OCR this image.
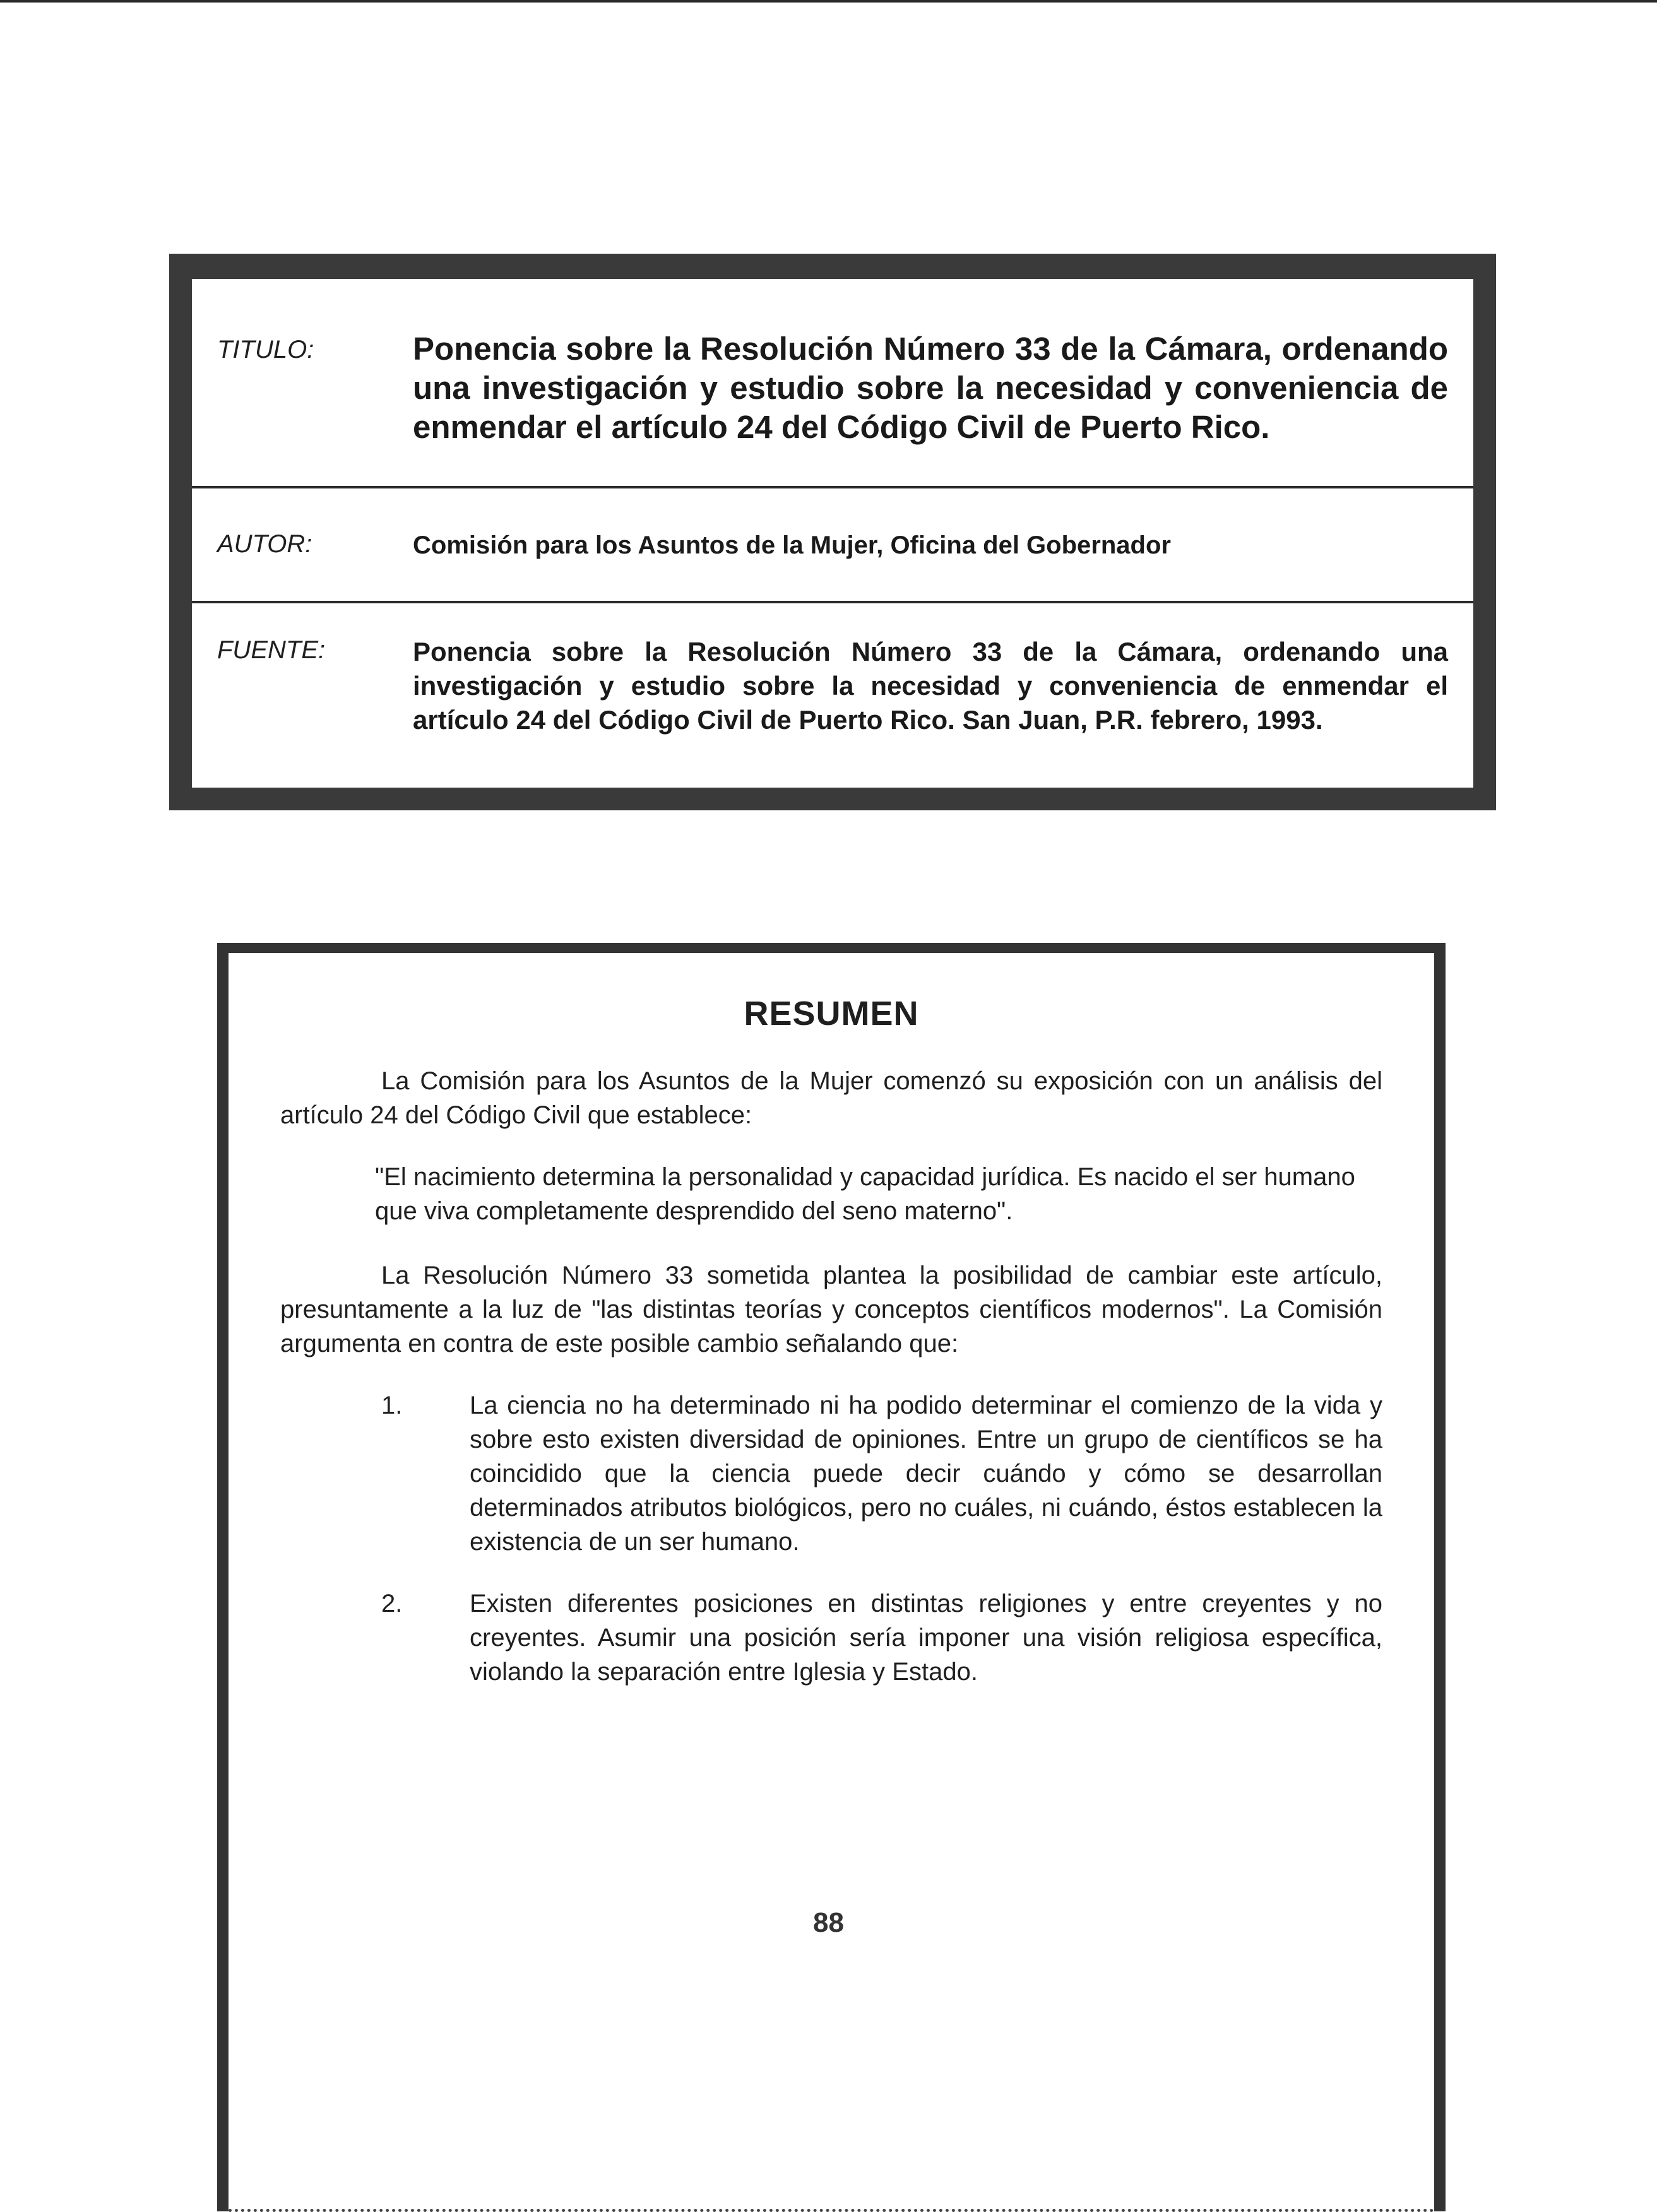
TITULO:	Ponencia sobre la Resolución Número 33 de la Cámara, ordenando una investigación y estudio sobre la necesidad y conveniencia de enmendar el artículo 24 del Código Civil de Puerto Rico.
AUTOR:	Comisión para los Asuntos de la Mujer, Oficina del Gobernador
FUENTE:	Ponencia sobre la Resolución Número 33 de la Cámara, ordenando una investigación y estudio sobre la necesidad y conveniencia de enmendar el artículo 24 del Código Civil de Puerto Rico. San Juan, P.R. febrero, 1993.
RESUMEN

La Comisión para los Asuntos de la Mujer comenzó su exposición con un análisis del artículo 24 del Código Civil que establece:

"El nacimiento determina la personalidad y capacidad jurídica. Es nacido el ser humano que viva completamente desprendido del seno materno".

La Resolución Número 33 sometida plantea la posibilidad de cambiar este artículo, presuntamente a la luz de "las distintas teorías y conceptos científicos modernos". La Comisión argumenta en contra de este posible cambio señalando que:

1.	La ciencia no ha determinado ni ha podido determinar el comienzo de la vida y sobre esto existen diversidad de opiniones. Entre un grupo de científicos se ha coincidido que la ciencia puede decir cuándo y cómo se desarrollan determinados atributos biológicos, pero no cuáles, ni cuándo, éstos establecen la existencia de un ser humano.
2.	Existen diferentes posiciones en distintas religiones y entre creyentes y no creyentes. Asumir una posición sería imponer una visión religiosa específica, violando la separación entre Iglesia y Estado.
88
